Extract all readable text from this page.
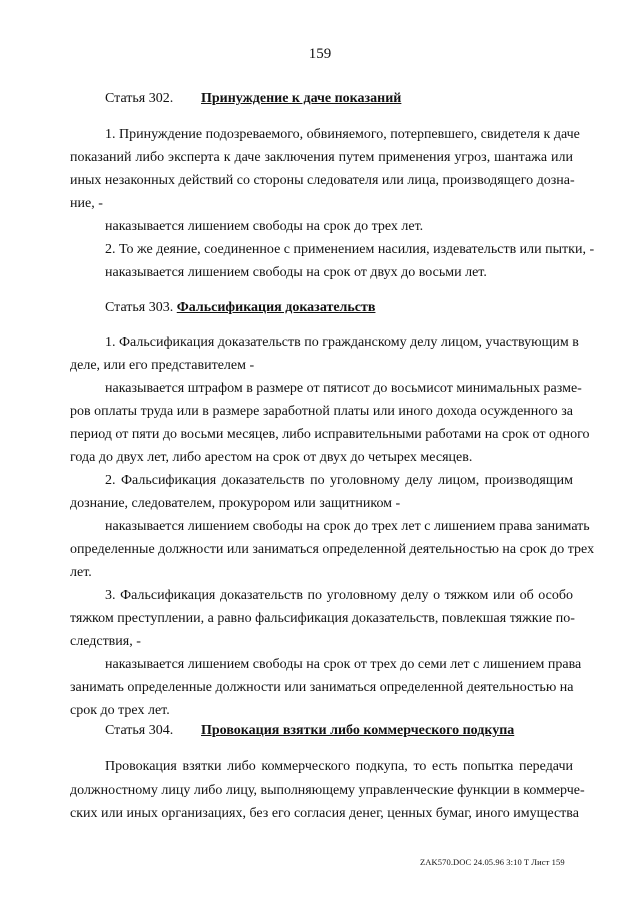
159
Статья 302. Принуждение к даче показаний
1. Принуждение подозреваемого, обвиняемого, потерпевшего, свидетеля к даче
показаний либо эксперта к даче заключения путем применения угроз, шантажа или
иных незаконных действий со стороны следователя или лица, производящего дозна-
ние, -
наказывается лишением свободы на срок до трех лет.
2. То же деяние, соединенное с применением насилия, издевательств или пытки, -
наказывается лишением свободы на срок от двух до восьми лет.
Статья 303. Фальсификация доказательств
1. Фальсификация доказательств по гражданскому делу лицом, участвующим в
деле, или его представителем -
наказывается штрафом в размере от пятисот до восьмисот минимальных разме-
ров оплаты труда или в размере заработной платы или иного дохода осужденного за
период от пяти до восьми месяцев, либо исправительными работами на срок от одного
года до двух лет, либо арестом на срок от двух до четырех месяцев.
2. Фальсификация доказательств по уголовному делу лицом, производящим
дознание, следователем, прокурором или защитником -
наказывается лишением свободы на срок до трех лет с лишением права занимать
определенные должности или заниматься определенной деятельностью на срок до трех
лет.
3. Фальсификация доказательств по уголовному делу о тяжком или об особо
тяжком преступлении, а равно фальсификация доказательств, повлекшая тяжкие по-
следствия, -
наказывается лишением свободы на срок от трех до семи лет с лишением права
занимать определенные должности или заниматься определенной деятельностью на
срок до трех лет.
Статья 304. Провокация взятки либо коммерческого подкупа
Провокация взятки либо коммерческого подкупа, то есть попытка передачи
должностному лицу либо лицу, выполняющему управленческие функции в коммерче-
ских или иных организациях, без его согласия денег, ценных бумаг, иного имущества
ZAK570.DOC 24.05.96 3:10 T Лист 159
